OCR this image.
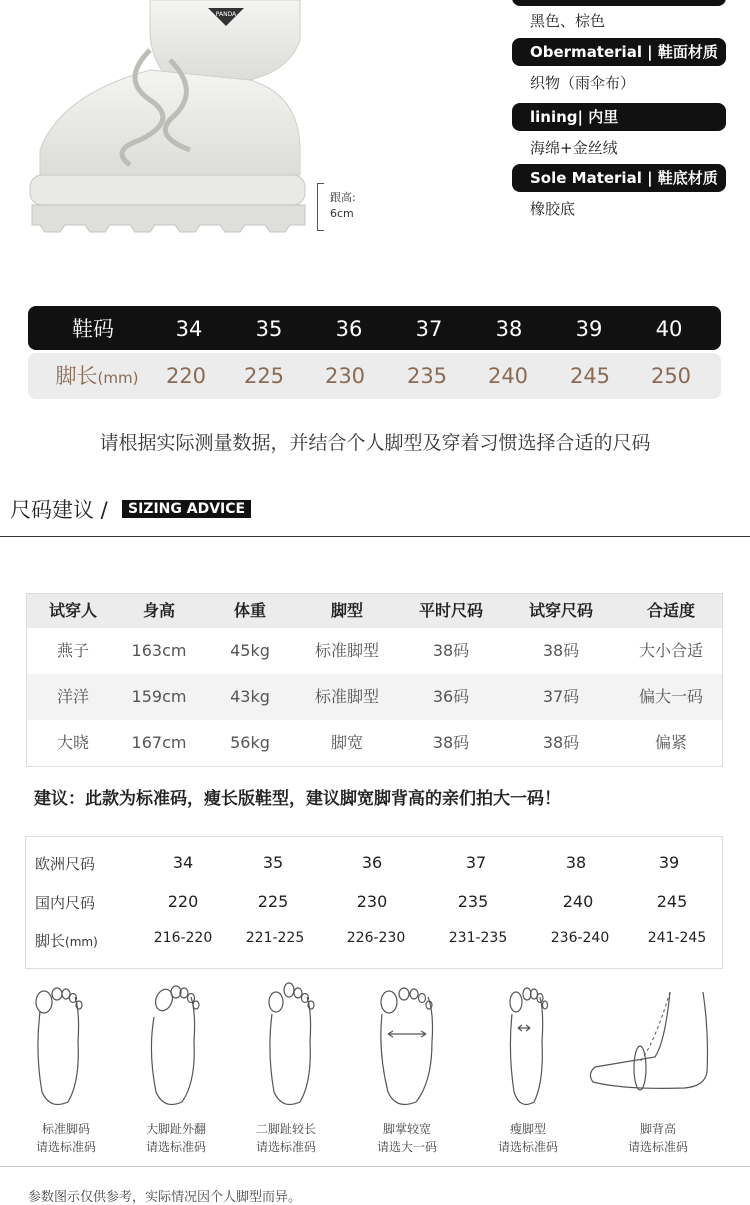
PANDA
跟高:
6cm
黑色、棕色
Obermaterial | 鞋面材质
织物（雨伞布）
lining| 内里
海绵+金丝绒
Sole Material | 鞋底材质
橡胶底
鞋码	34	35	36	37	38	39	40
脚长(mm)	220	225	230	235	240	245	250
请根据实际测量数据，并结合个人脚型及穿着习惯选择合适的尺码
尺码建议 /	SIZING ADVICE
试穿人	身高	体重	脚型	平时尺码	试穿尺码	合适度
燕子	163cm	45kg	标准脚型	38码	38码	大小合适
洋洋	159cm	43kg	标准脚型	36码	37码	偏大一码
大晓	167cm	56kg	脚宽	38码	38码	偏紧
建议：此款为标准码，瘦长版鞋型，建议脚宽脚背高的亲们拍大一码！
欧洲尺码	34	35	36	37	38	39
国内尺码	220	225	230	235	240	245
脚长(mm)	216-220	221-225	226-230	231-235	236-240	241-245
标准脚码
请选标准码
大脚趾外翻
请选标准码
二脚趾较长
请选标准码
脚掌较宽
请选大一码
瘦脚型
请选标准码
脚背高
请选标准码
参数图示仅供参考，实际情况因个人脚型而异。
